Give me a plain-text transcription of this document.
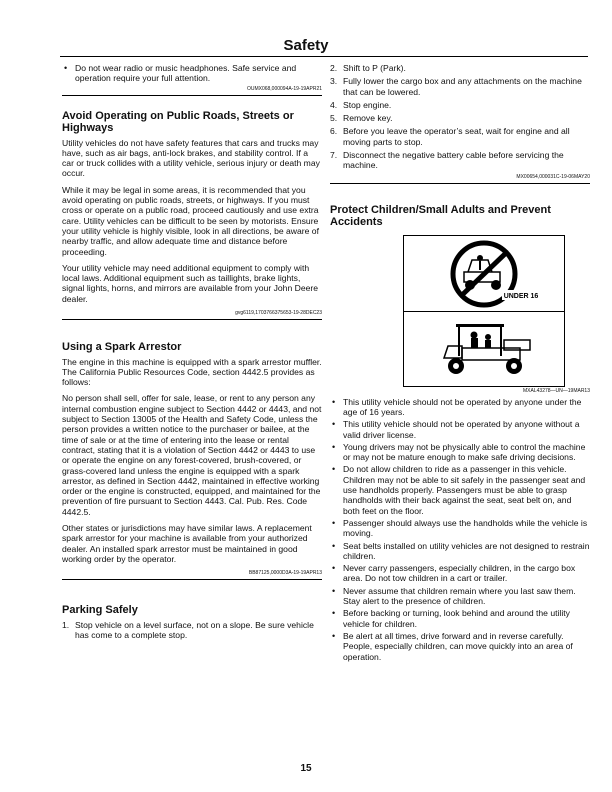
Safety
• Do not wear radio or music headphones. Safe service and operation require your full attention.
OUMX068,000094A-19-19APR21
Avoid Operating on Public Roads, Streets or Highways

Utility vehicles do not have safety features that cars and trucks may have, such as air bags, anti-lock brakes, and stability control. If a car or truck collides with a utility vehicle, serious injury or death may occur.

While it may be legal in some areas, it is recommended that you avoid operating on public roads, streets, or highways. If you must cross or operate on a public road, proceed cautiously and use extra care. Utility vehicles can be difficult to be seen by motorists. Ensure your utility vehicle is highly visible, look in all directions, be aware of nearby traffic, and allow adequate time and distance before proceeding.

Your utility vehicle may need additional equipment to comply with local laws. Additional equipment such as taillights, brake lights, signal lights, horns, and mirrors are available from your John Deere dealer.

gvg6119,1703766375653-19-28DEC23
Using a Spark Arrestor

The engine in this machine is equipped with a spark arrestor muffler. The California Public Resources Code, section 4442.5 provides as follows:

No person shall sell, offer for sale, lease, or rent to any person any internal combustion engine subject to Section 4442 or 4443, and not subject to Section 13005 of the Health and Safety Code, unless the person provides a written notice to the purchaser or bailee, at the time of sale or at the time of entering into the lease or rental contract, stating that it is a violation of Section 4442 or 4443 to use or operate the engine on any forest-covered, brush-covered, or grass-covered land unless the engine is equipped with a spark arrestor, as defined in Section 4442, maintained in effective working order or the engine is constructed, equipped, and maintained for the prevention of fire pursuant to Section 4443. Cal. Pub. Res. Code 4442.5.

Other states or jurisdictions may have similar laws. A replacement spark arrestor for your machine is available from your authorized dealer. An installed spark arrestor must be maintained in good working order by the operator.

BB87125,0000D3A-19-19APR13
Parking Safely
1. Stop vehicle on a level surface, not on a slope. Be sure vehicle has come to a complete stop.
2. Shift to P (Park).
3. Fully lower the cargo box and any attachments on the machine that can be lowered.
4. Stop engine.
5. Remove key.
6. Before you leave the operator’s seat, wait for engine and all moving parts to stop.
7. Disconnect the negative battery cable before servicing the machine.
MX00654,000031C-19-06MAY20
Protect Children/Small Adults and Prevent Accidents
UNDER 16
MXAL43278—UN—19MAR13
• This utility vehicle should not be operated by anyone under the age of 16 years.
• This utility vehicle should not be operated by anyone without a valid driver license.
• Young drivers may not be physically able to control the machine or may not be mature enough to make safe driving decisions.
• Do not allow children to ride as a passenger in this vehicle. Children may not be able to sit safely in the passenger seat and use handholds properly. Passengers must be able to grasp handholds with their back against the seat, seat belt on, and both feet on the floor.
• Passenger should always use the handholds while the vehicle is moving.
• Seat belts installed on utility vehicles are not designed to restrain children.
• Never carry passengers, especially children, in the cargo box area. Do not tow children in a cart or trailer.
• Never assume that children remain where you last saw them. Stay alert to the presence of children.
• Before backing or turning, look behind and around the utility vehicle for children.
• Be alert at all times, drive forward and in reverse carefully. People, especially children, can move quickly into an area of operation.
15
